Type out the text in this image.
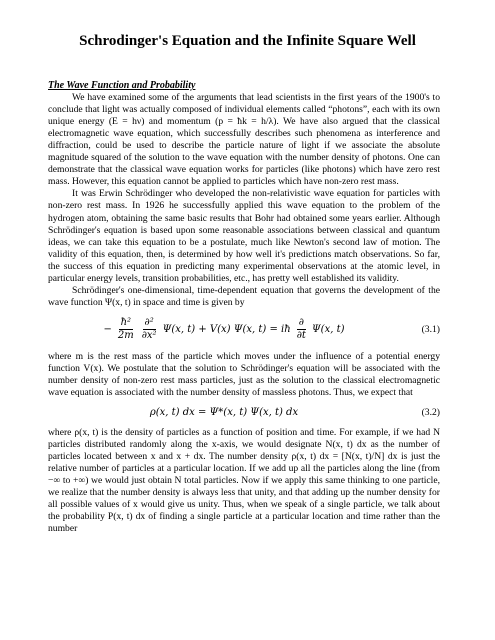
Schrodinger's Equation and the Infinite Square Well
The Wave Function and Probability

We have examined some of the arguments that lead scientists in the first years of the 1900's to conclude that light was actually composed of individual elements called “photons”, each with its own unique energy (E = hν) and momentum (p = ħk = h/λ). We have also argued that the classical electromagnetic wave equation, which successfully describes such phenomena as interference and diffraction, could be used to describe the particle nature of light if we associate the absolute magnitude squared of the solution to the wave equation with the number density of photons. One can demonstrate that the classical wave equation works for particles (like photons) which have zero rest mass. However, this equation cannot be applied to particles which have non-zero rest mass.

It was Erwin Schrödinger who developed the non-relativistic wave equation for particles with non-zero rest mass. In 1926 he successfully applied this wave equation to the problem of the hydrogen atom, obtaining the same basic results that Bohr had obtained some years earlier. Although Schrödinger's equation is based upon some reasonable associations between classical and quantum ideas, we can take this equation to be a postulate, much like Newton's second law of motion. The validity of this equation, then, is determined by how well it's predictions match observations. So far, the success of this equation in predicting many experimental observations at the atomic level, in particular energy levels, transition probabilities, etc., has pretty well established its validity.

Schrödinger's one-dimensional, time-dependent equation that governs the development of the wave function Ψ(x, t) in space and time is given by

− $\frac{\text{ħ²}}{2m} \frac{\text{∂²}}{\text{∂x²}} \Psi(x$, t) + V(x) Ψ(x, t) = iħ $\frac{\partial}{\partial t} \Psi(x$, t)	(3.1)

where m is the rest mass of the particle which moves under the influence of a potential energy function V(x). We postulate that the solution to Schrödinger's equation will be associated with the number density of non-zero rest mass particles, just as the solution to the classical electromagnetic wave equation is associated with the number density of massless photons. Thus, we expect that

ρ(x, t) dx = Ψ*(x, t) Ψ(x, t) dx	(3.2)

where ρ(x, t) is the density of particles as a function of position and time. For example, if we had N particles distributed randomly along the x-axis, we would designate N(x, t) dx as the number of particles located between x and x + dx. The number density ρ(x, t) dx = [N(x, t)/N] dx is just the relative number of particles at a particular location. If we add up all the particles along the line (from −∞ to +∞) we would just obtain N total particles. Now if we apply this same thinking to one particle, we realize that the number density is always less that unity, and that adding up the number density for all possible values of x would give us unity. Thus, when we speak of a single particle, we talk about the probability P(x, t) dx of finding a single particle at a particular location and time rather than the number
